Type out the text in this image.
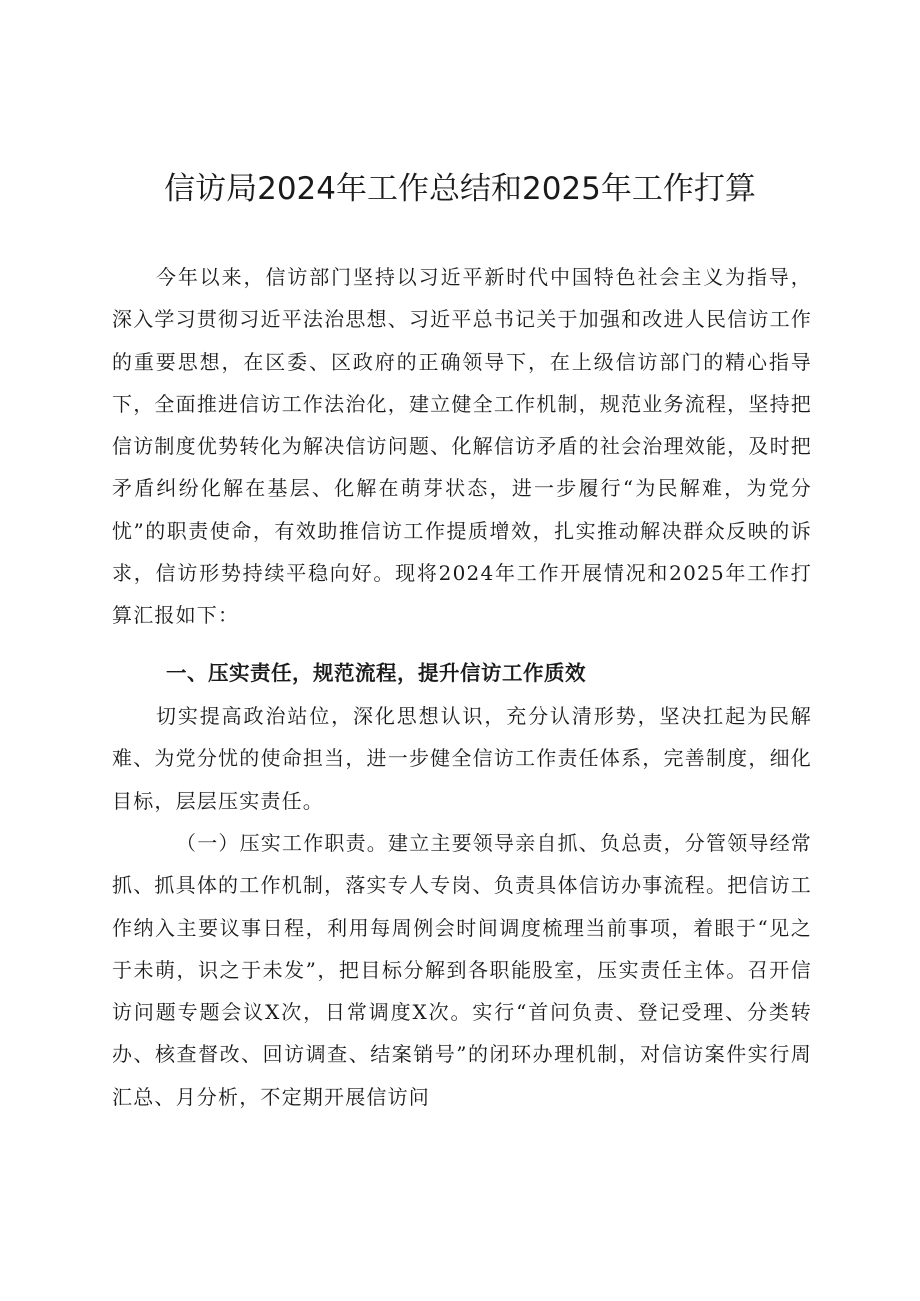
信访局2024年工作总结和2025年工作打算

今年以来，信访部门坚持以习近平新时代中国特色社会主义为指导，深入学习贯彻习近平法治思想、习近平总书记关于加强和改进人民信访工作的重要思想，在区委、区政府的正确领导下，在上级信访部门的精心指导下，全面推进信访工作法治化，建立健全工作机制，规范业务流程，坚持把信访制度优势转化为解决信访问题、化解信访矛盾的社会治理效能，及时把矛盾纠纷化解在基层、化解在萌芽状态，进一步履行“为民解难，为党分忧”的职责使命，有效助推信访工作提质增效，扎实推动解决群众反映的诉求，信访形势持续平稳向好。现将2024年工作开展情况和2025年工作打算汇报如下：

一、压实责任，规范流程，提升信访工作质效

切实提高政治站位，深化思想认识，充分认清形势，坚决扛起为民解难、为党分忧的使命担当，进一步健全信访工作责任体系，完善制度，细化目标，层层压实责任。

（一）压实工作职责。建立主要领导亲自抓、负总责，分管领导经常抓、抓具体的工作机制，落实专人专岗、负责具体信访办事流程。把信访工作纳入主要议事日程，利用每周例会时间调度梳理当前事项，着眼于“见之于未萌，识之于未发”，把目标分解到各职能股室，压实责任主体。召开信访问题专题会议X次，日常调度X次。实行“首问负责、登记受理、分类转办、核查督改、回访调查、结案销号”的闭环办理机制，对信访案件实行周汇总、月分析，不定期开展信访问
